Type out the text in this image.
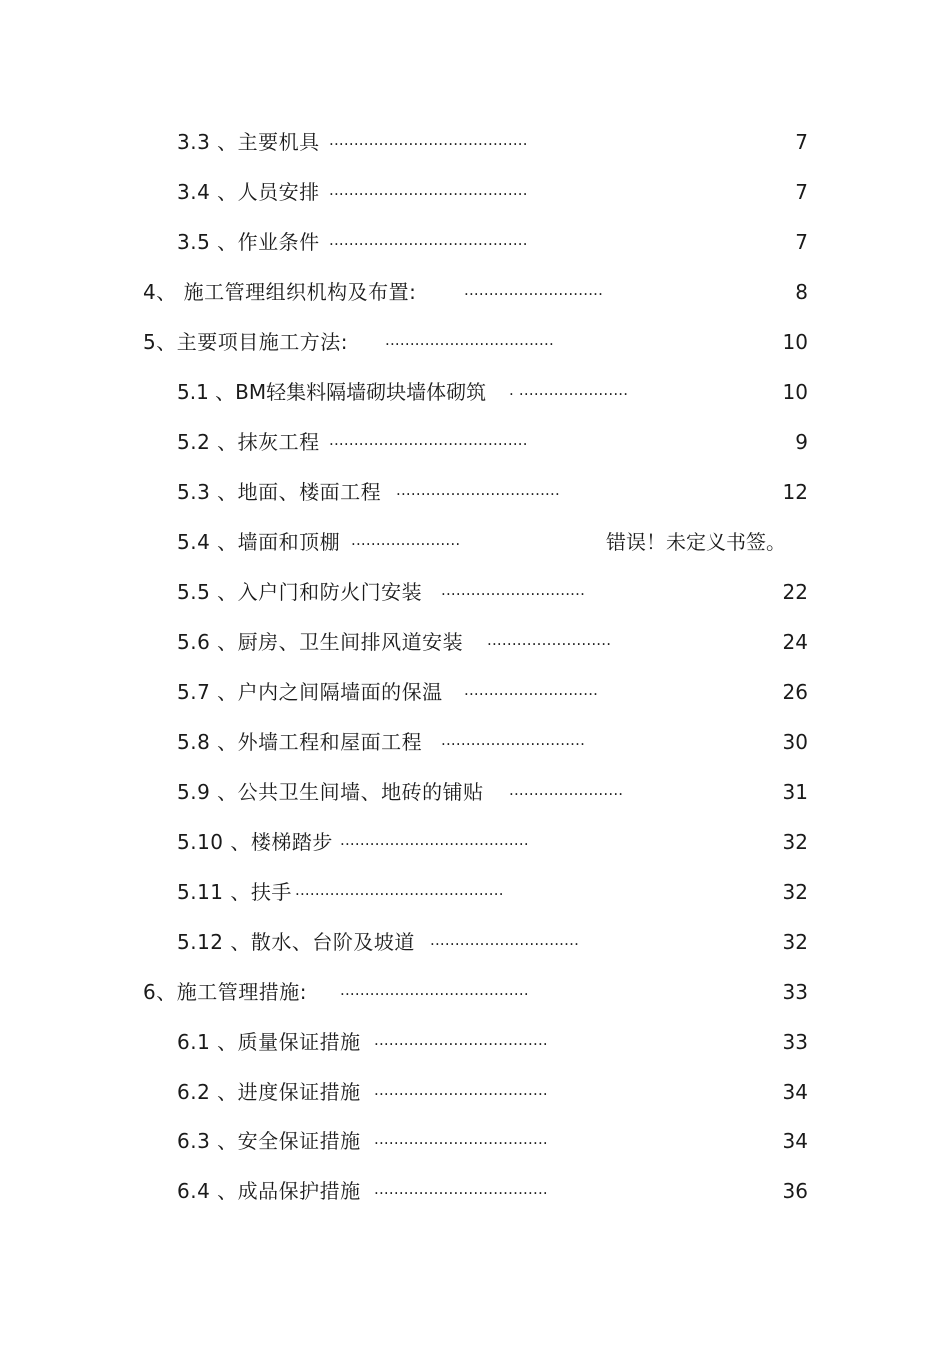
3.3 、主要机具 ........................................	7
3.4 、人员安排 ........................................	7
3.5 、作业条件 ........................................	7
4、 施工管理组织机构及布置:	............................	8
5、主要项目施工方法: ..................................	10
5.1 、BM轻集料隔墙砌块墙体砌筑 . ......................	10
5.2 、抹灰工程 ........................................	9
5.3 、地面、楼面工程 .................................	12
5.4 、墙面和顶棚 ......................	错误！未定义书签。
5.5 、入户门和防火门安装 .............................	22
5.6 、厨房、卫生间排风道安装 .........................	24
5.7 、户内之间隔墙面的保温 ...........................	26
5.8 、外墙工程和屋面工程 .............................	30
5.9 、公共卫生间墙、地砖的铺贴 .......................	31
5.10 、楼梯踏步 ......................................	32
5.11 、扶手 ..........................................	32
5.12 、散水、台阶及坡道 ..............................	32
6、施工管理措施: ......................................	33
6.1 、质量保证措施 ...................................	33
6.2 、进度保证措施 ...................................	34
6.3 、安全保证措施 ...................................	34
6.4 、成品保护措施 ...................................	36
